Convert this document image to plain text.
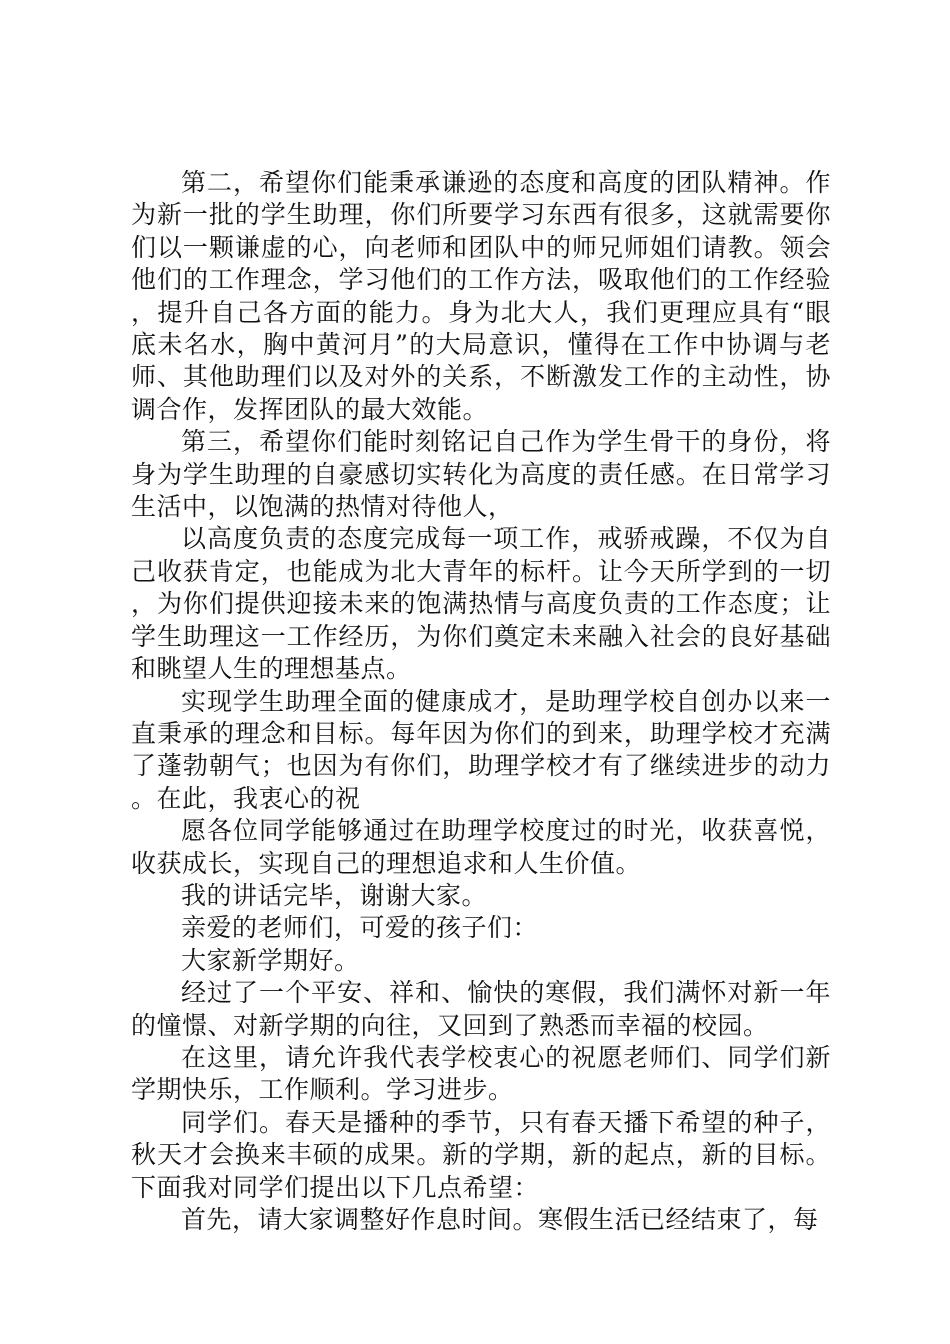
第二，希望你们能秉承谦逊的态度和高度的团队精神。作为新一批的学生助理，你们所要学习东西有很多，这就需要你们以一颗谦虚的心，向老师和团队中的师兄师姐们请教。领会他们的工作理念，学习他们的工作方法，吸取他们的工作经验，提升自己各方面的能力。身为北大人，我们更理应具有“眼底未名水，胸中黄河月”的大局意识，懂得在工作中协调与老师、其他助理们以及对外的关系，不断激发工作的主动性，协调合作，发挥团队的最大效能。

第三，希望你们能时刻铭记自己作为学生骨干的身份，将身为学生助理的自豪感切实转化为高度的责任感。在日常学习生活中，以饱满的热情对待他人，

以高度负责的态度完成每一项工作，戒骄戒躁，不仅为自己收获肯定，也能成为北大青年的标杆。让今天所学到的一切，为你们提供迎接未来的饱满热情与高度负责的工作态度；让学生助理这一工作经历，为你们奠定未来融入社会的良好基础和眺望人生的理想基点。

实现学生助理全面的健康成才，是助理学校自创办以来一直秉承的理念和目标。每年因为你们的到来，助理学校才充满了蓬勃朝气；也因为有你们，助理学校才有了继续进步的动力。在此，我衷心的祝

愿各位同学能够通过在助理学校度过的时光，收获喜悦，收获成长，实现自己的理想追求和人生价值。

我的讲话完毕，谢谢大家。

亲爱的老师们，可爱的孩子们：

大家新学期好。

经过了一个平安、祥和、愉快的寒假，我们满怀对新一年的憧憬、对新学期的向往，又回到了熟悉而幸福的校园。

在这里，请允许我代表学校衷心的祝愿老师们、同学们新学期快乐，工作顺利。学习进步。

同学们。春天是播种的季节，只有春天播下希望的种子，秋天才会换来丰硕的成果。新的学期，新的起点，新的目标。下面我对同学们提出以下几点希望：

首先，请大家调整好作息时间。寒假生活已经结束了，每
